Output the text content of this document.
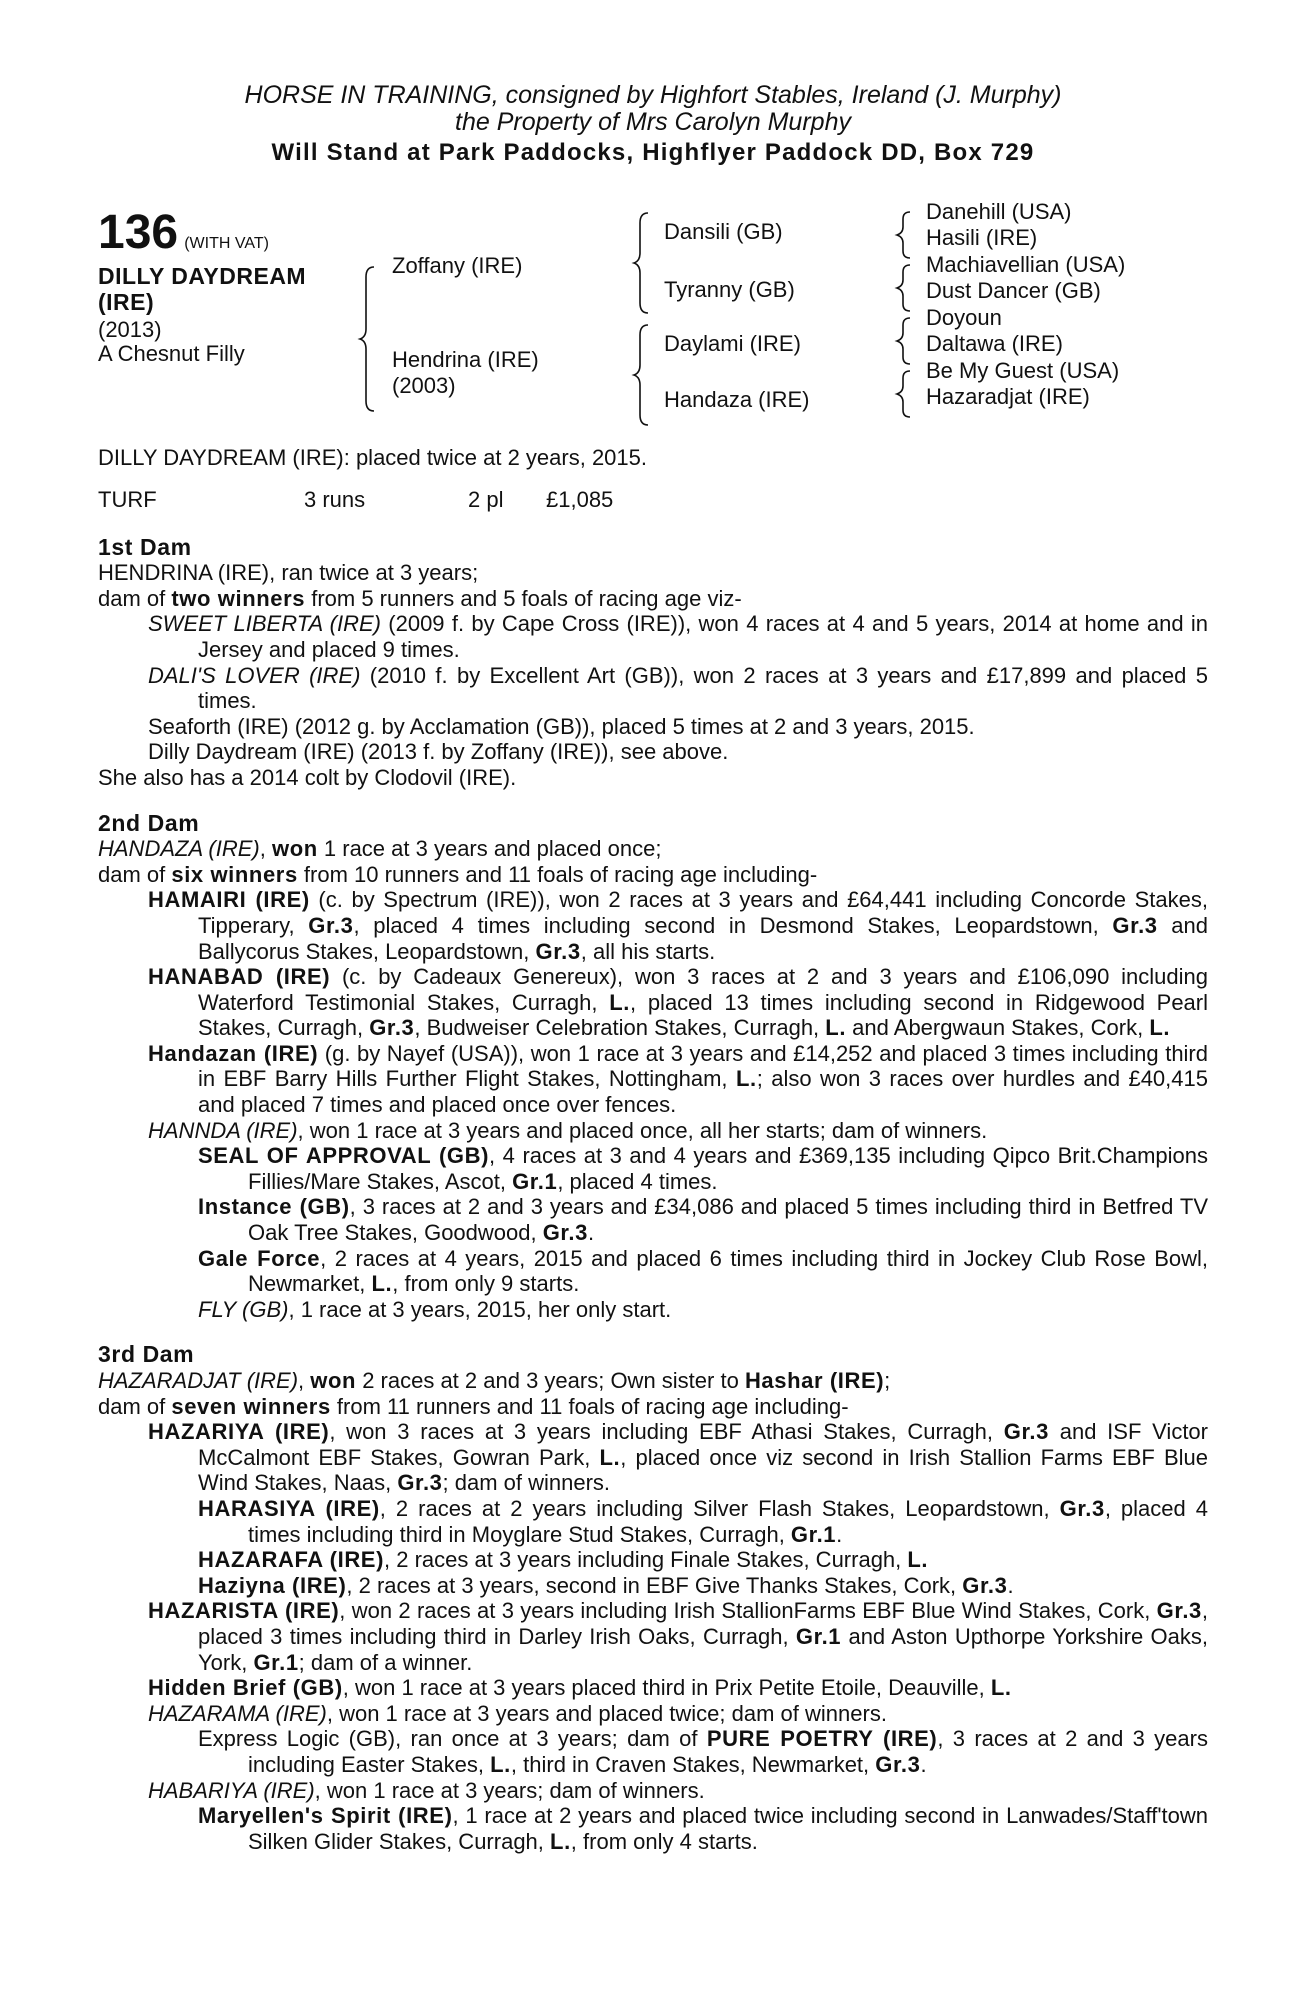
HORSE IN TRAINING, consigned by Highfort Stables, Ireland (J. Murphy)
the Property of Mrs Carolyn Murphy
Will Stand at Park Paddocks, Highflyer Paddock DD, Box 729
136 (WITH VAT)
DILLY DAYDREAM
(IRE)
(2013)
A Chesnut Filly
Zoffany (IRE)
Hendrina (IRE)
(2003)
Dansili (GB)
Tyranny (GB)
Daylami (IRE)
Handaza (IRE)
Danehill (USA)
Hasili (IRE)
Machiavellian (USA)
Dust Dancer (GB)
Doyoun
Daltawa (IRE)
Be My Guest (USA)
Hazaradjat (IRE)

DILLY DAYDREAM (IRE): placed twice at 2 years, 2015.

TURF	3 runs	2 pl £1,085

1st Dam

HENDRINA (IRE), ran twice at 3 years;

dam of two winners from 5 runners and 5 foals of racing age viz-

SWEET LIBERTA (IRE) (2009 f. by Cape Cross (IRE)), won 4 races at 4 and 5 years, 2014 at home and in Jersey and placed 9 times.

DALI'S LOVER (IRE) (2010 f. by Excellent Art (GB)), won 2 races at 3 years and £17,899 and placed 5 times.

Seaforth (IRE) (2012 g. by Acclamation (GB)), placed 5 times at 2 and 3 years, 2015.

Dilly Daydream (IRE) (2013 f. by Zoffany (IRE)), see above.

She also has a 2014 colt by Clodovil (IRE).

2nd Dam

HANDAZA (IRE), won 1 race at 3 years and placed once;

dam of six winners from 10 runners and 11 foals of racing age including-

HAMAIRI (IRE) (c. by Spectrum (IRE)), won 2 races at 3 years and £64,441 including Concorde Stakes, Tipperary, Gr.3, placed 4 times including second in Desmond Stakes, Leopardstown, Gr.3 and Ballycorus Stakes, Leopardstown, Gr.3, all his starts.

HANABAD (IRE) (c. by Cadeaux Genereux), won 3 races at 2 and 3 years and £106,090 including Waterford Testimonial Stakes, Curragh, L., placed 13 times including second in Ridgewood Pearl Stakes, Curragh, Gr.3, Budweiser Celebration Stakes, Curragh, L. and Abergwaun Stakes, Cork, L.

Handazan (IRE) (g. by Nayef (USA)), won 1 race at 3 years and £14,252 and placed 3 times including third in EBF Barry Hills Further Flight Stakes, Nottingham, L.; also won 3 races over hurdles and £40,415 and placed 7 times and placed once over fences.

HANNDA (IRE), won 1 race at 3 years and placed once, all her starts; dam of winners.

SEAL OF APPROVAL (GB), 4 races at 3 and 4 years and £369,135 including Qipco Brit.Champions Fillies/Mare Stakes, Ascot, Gr.1, placed 4 times.

Instance (GB), 3 races at 2 and 3 years and £34,086 and placed 5 times including third in Betfred TV Oak Tree Stakes, Goodwood, Gr.3.

Gale Force, 2 races at 4 years, 2015 and placed 6 times including third in Jockey Club Rose Bowl, Newmarket, L., from only 9 starts.

FLY (GB), 1 race at 3 years, 2015, her only start.

3rd Dam

HAZARADJAT (IRE), won 2 races at 2 and 3 years; Own sister to Hashar (IRE);

dam of seven winners from 11 runners and 11 foals of racing age including-

HAZARIYA (IRE), won 3 races at 3 years including EBF Athasi Stakes, Curragh, Gr.3 and ISF Victor McCalmont EBF Stakes, Gowran Park, L., placed once viz second in Irish Stallion Farms EBF Blue Wind Stakes, Naas, Gr.3; dam of winners.

HARASIYA (IRE), 2 races at 2 years including Silver Flash Stakes, Leopardstown, Gr.3, placed 4 times including third in Moyglare Stud Stakes, Curragh, Gr.1.

HAZARAFA (IRE), 2 races at 3 years including Finale Stakes, Curragh, L.

Haziyna (IRE), 2 races at 3 years, second in EBF Give Thanks Stakes, Cork, Gr.3.

HAZARISTA (IRE), won 2 races at 3 years including Irish StallionFarms EBF Blue Wind Stakes, Cork, Gr.3, placed 3 times including third in Darley Irish Oaks, Curragh, Gr.1 and Aston Upthorpe Yorkshire Oaks, York, Gr.1; dam of a winner.

Hidden Brief (GB), won 1 race at 3 years placed third in Prix Petite Etoile, Deauville, L.

HAZARAMA (IRE), won 1 race at 3 years and placed twice; dam of winners.

Express Logic (GB), ran once at 3 years; dam of PURE POETRY (IRE), 3 races at 2 and 3 years including Easter Stakes, L., third in Craven Stakes, Newmarket, Gr.3.

HABARIYA (IRE), won 1 race at 3 years; dam of winners.

Maryellen's Spirit (IRE), 1 race at 2 years and placed twice including second in Lanwades/Staff'town Silken Glider Stakes, Curragh, L., from only 4 starts.
